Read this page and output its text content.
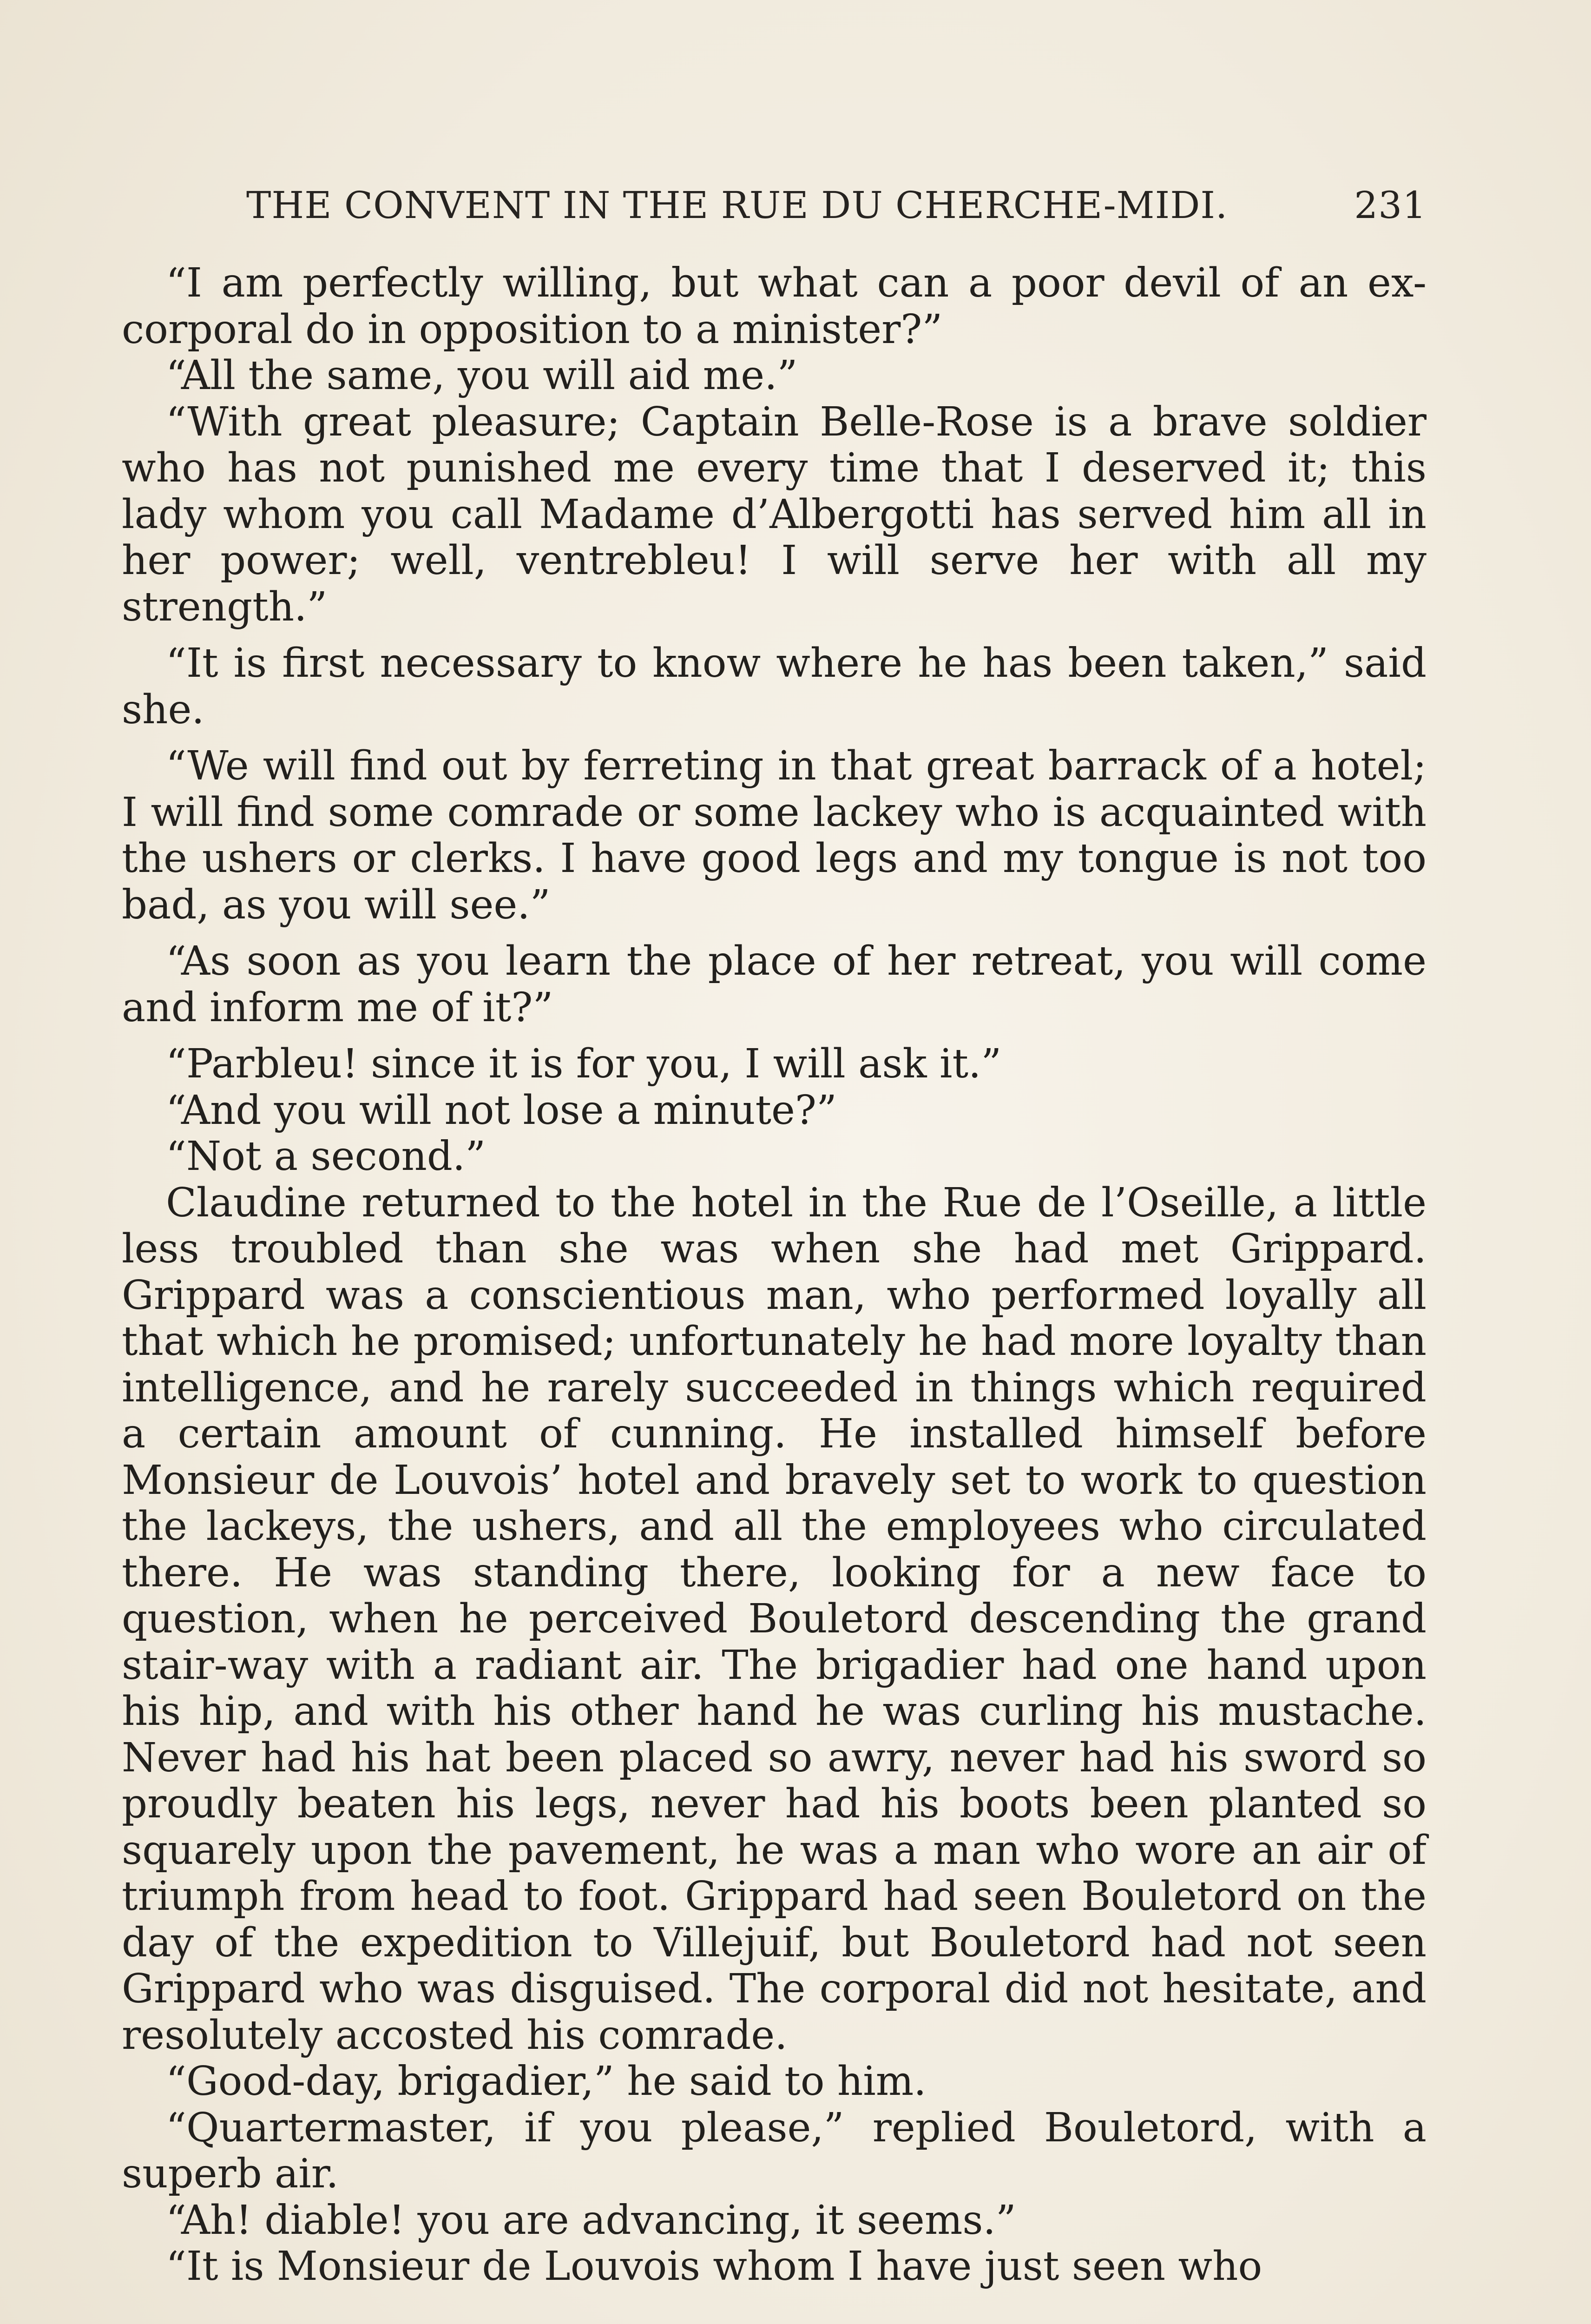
THE CONVENT IN THE RUE DU CHERCHE-MIDI.	231

“I am perfectly willing, but what can a poor devil of an ex-corporal do in opposition to a minister?”

“All the same, you will aid me.”

“With great pleasure; Captain Belle-Rose is a brave soldier who has not punished me every time that I deserved it; this lady whom you call Madame d’Albergotti has served him all in her power; well, ventrebleu! I will serve her with all my strength.”

“It is first necessary to know where he has been taken,” said she.

“We will find out by ferreting in that great barrack of a hotel; I will find some comrade or some lackey who is acquainted with the ushers or clerks. I have good legs and my tongue is not too bad, as you will see.”

“As soon as you learn the place of her retreat, you will come and inform me of it?”

“Parbleu! since it is for you, I will ask it.”

“And you will not lose a minute?”

“Not a second.”

Claudine returned to the hotel in the Rue de l’Oseille, a little less troubled than she was when she had met Grippard. Grippard was a conscientious man, who performed loyally all that which he promised; unfortunately he had more loyalty than intelligence, and he rarely succeeded in things which required a certain amount of cunning. He installed himself before Monsieur de Louvois’ hotel and bravely set to work to question the lackeys, the ushers, and all the employees who circulated there. He was standing there, looking for a new face to question, when he perceived Bouletord descending the grand stair-way with a radiant air. The brigadier had one hand upon his hip, and with his other hand he was curling his mustache. Never had his hat been placed so awry, never had his sword so proudly beaten his legs, never had his boots been planted so squarely upon the pavement, he was a man who wore an air of triumph from head to foot. Grippard had seen Bouletord on the day of the expedition to Villejuif, but Bouletord had not seen Grippard who was disguised. The corporal did not hesitate, and resolutely accosted his comrade.

“Good-day, brigadier,” he said to him.

“Quartermaster, if you please,” replied Bouletord, with a superb air.

“Ah! diable! you are advancing, it seems.”

“It is Monsieur de Louvois whom I have just seen who
